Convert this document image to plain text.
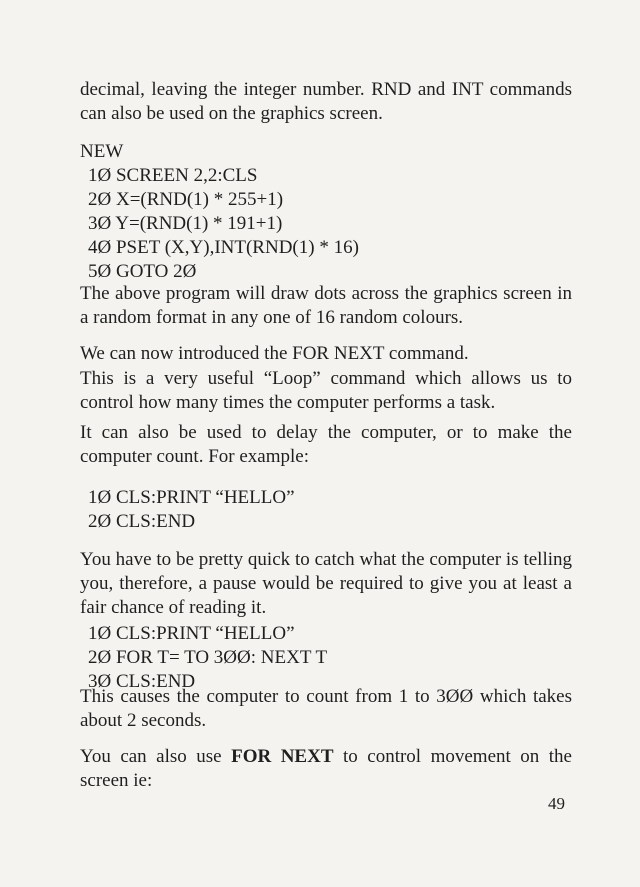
decimal, leaving the integer number. RND and INT commands can also be used on the graphics screen.

NEW
1Ø SCREEN 2,2:CLS
2Ø X=(RND(1) * 255+1)
3Ø Y=(RND(1) * 191+1)
4Ø PSET (X,Y),INT(RND(1) * 16)
5Ø GOTO 2Ø

The above program will draw dots across the graphics screen in a random format in any one of 16 random colours.

We can now introduced the FOR NEXT command.

This is a very useful “Loop” command which allows us to control how many times the computer performs a task.

It can also be used to delay the computer, or to make the computer count. For example:

1Ø CLS:PRINT “HELLO”
2Ø CLS:END

You have to be pretty quick to catch what the computer is telling you, therefore, a pause would be required to give you at least a fair chance of reading it.

1Ø CLS:PRINT “HELLO”
2Ø FOR T= TO 3ØØ: NEXT T
3Ø CLS:END

This causes the computer to count from 1 to 3ØØ which takes about 2 seconds.

You can also use FOR NEXT to control movement on the screen ie:

49
